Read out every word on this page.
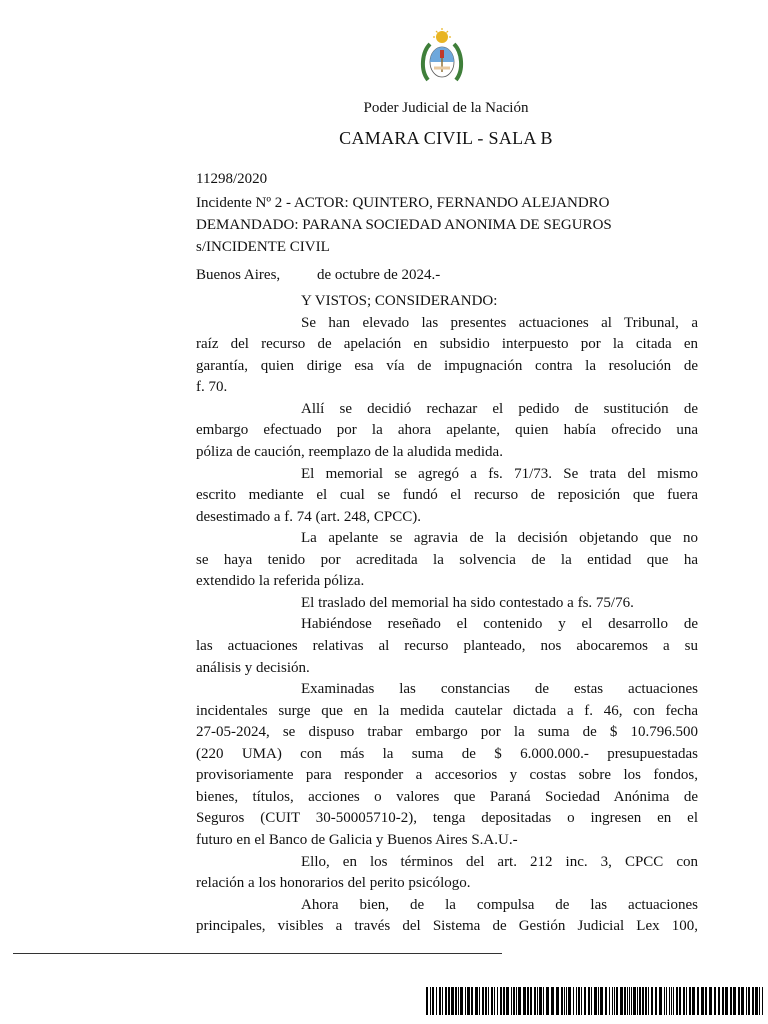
Poder Judicial de la Nación
CAMARA CIVIL - SALA B
11298/2020
Incidente Nº 2 - ACTOR: QUINTERO, FERNANDO ALEJANDRO
DEMANDADO: PARANA SOCIEDAD ANONIMA DE SEGUROS
s/INCIDENTE CIVIL
Buenos Aires,	de octubre de 2024.-
Y VISTOS; CONSIDERANDO:
Se han elevado las presentes actuaciones al Tribunal, a
raíz del recurso de apelación en subsidio interpuesto por la citada en
garantía, quien dirige esa vía de impugnación contra la resolución de
f. 70.
Allí se decidió rechazar el pedido de sustitución de
embargo efectuado por la ahora apelante, quien había ofrecido una
póliza de caución, reemplazo de la aludida medida.
El memorial se agregó a fs. 71/73. Se trata del mismo
escrito mediante el cual se fundó el recurso de reposición que fuera
desestimado a f. 74 (art. 248, CPCC).
La apelante se agravia de la decisión objetando que no
se haya tenido por acreditada la solvencia de la entidad que ha
extendido la referida póliza.
El traslado del memorial ha sido contestado a fs. 75/76.
Habiéndose reseñado el contenido y el desarrollo de
las actuaciones relativas al recurso planteado, nos abocaremos a su
análisis y decisión.
Examinadas las constancias de estas actuaciones
incidentales surge que en la medida cautelar dictada a f. 46, con fecha
27-05-2024, se dispuso trabar embargo por la suma de $ 10.796.500
(220 UMA) con más la suma de $ 6.000.000.- presupuestadas
provisoriamente para responder a accesorios y costas sobre los fondos,
bienes, títulos, acciones o valores que Paraná Sociedad Anónima de
Seguros (CUIT 30-50005710-2), tenga depositadas o ingresen en el
futuro en el Banco de Galicia y Buenos Aires S.A.U.-
Ello, en los términos del art. 212 inc. 3, CPCC con
relación a los honorarios del perito psicólogo.
Ahora bien, de la compulsa de las actuaciones
principales, visibles a través del Sistema de Gestión Judicial Lex 100,
